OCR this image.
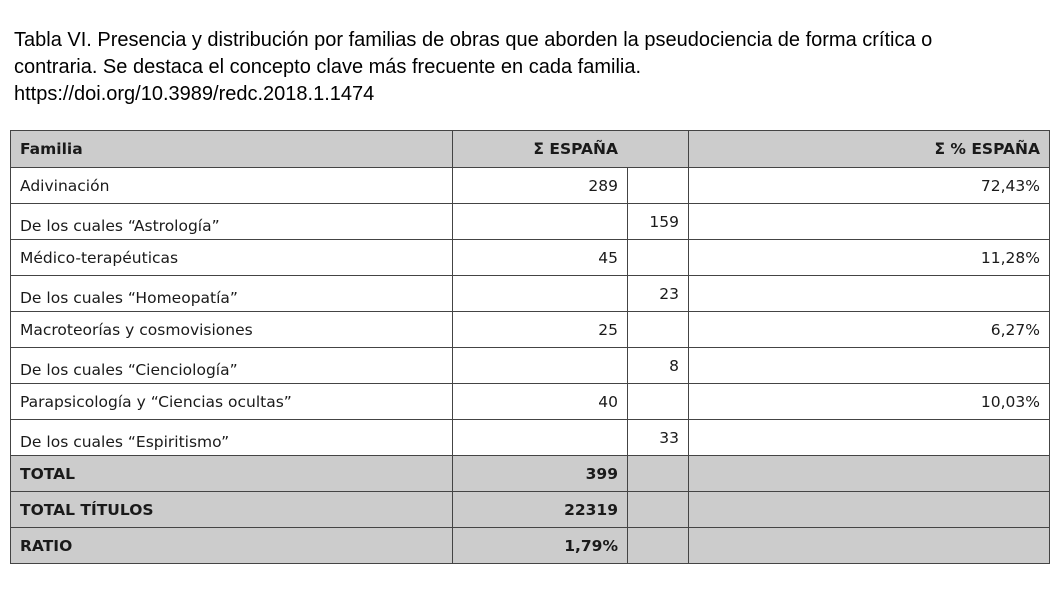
Tabla VI. Presencia y distribución por familias de obras que aborden la pseudociencia de forma crítica o
contraria. Se destaca el concepto clave más frecuente en cada familia.
https://doi.org/10.3989/redc.2018.1.1474
Familia	Σ ESPAÑA		Σ % ESPAÑA
Adivinación	289		72,43%
De los cuales “Astrología”		159	
Médico-terapéuticas	45		11,28%
De los cuales “Homeopatía”		23	
Macroteorías y cosmovisiones	25		6,27%
De los cuales “Cienciología”		8	
Parapsicología y “Ciencias ocultas”	40		10,03%
De los cuales “Espiritismo”		33	
TOTAL	399		
TOTAL TÍTULOS	22319		
RATIO	1,79%		
